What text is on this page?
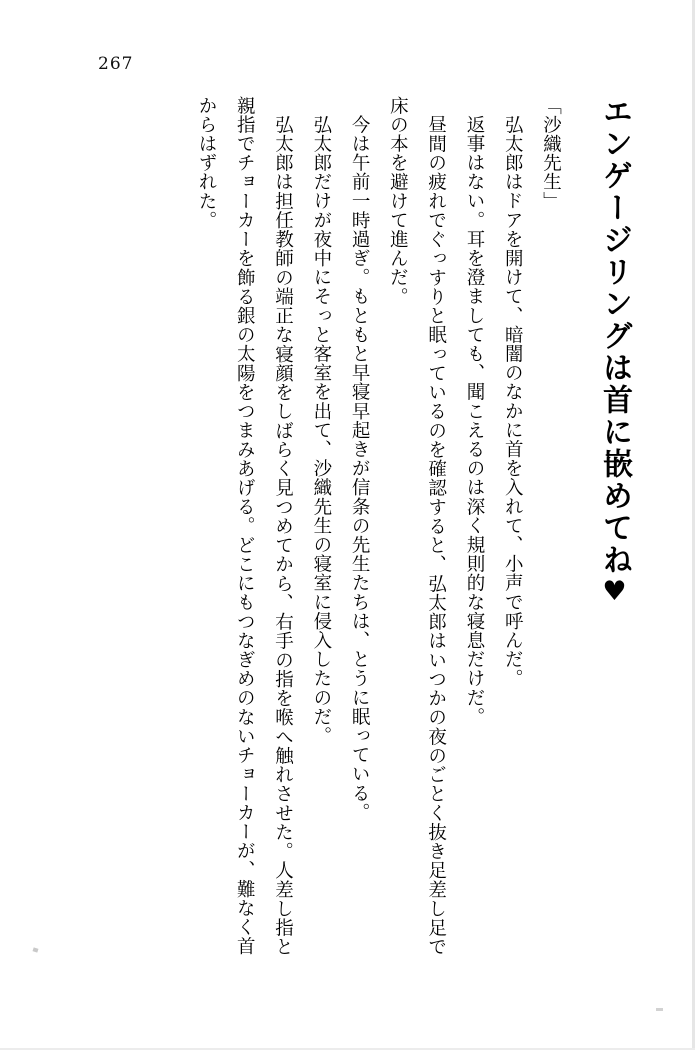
267
エンゲージリングは首に嵌めてね♥

「沙織先生」

弘太郎はドアを開けて、暗闇のなかに首を入れて、小声で呼んだ。

返事はない。耳を澄ましても、聞こえるのは深く規則的な寝息だけだ。

昼間の疲れでぐっすりと眠っているのを確認すると、弘太郎はいつかの夜のごとく抜き足差し足で床の本を避けて進んだ。

今は午前一時過ぎ。もともと早寝早起きが信条の先生たちは、とうに眠っている。

弘太郎だけが夜中にそっと客室を出て、沙織先生の寝室に侵入したのだ。

弘太郎は担任教師の端正な寝顔をしばらく見つめてから、右手の指を喉へ触れさせた。人差し指と親指でチョーカーを飾る銀の太陽をつまみあげる。どこにもつなぎめのないチョーカーが、難なく首からはずれた。
